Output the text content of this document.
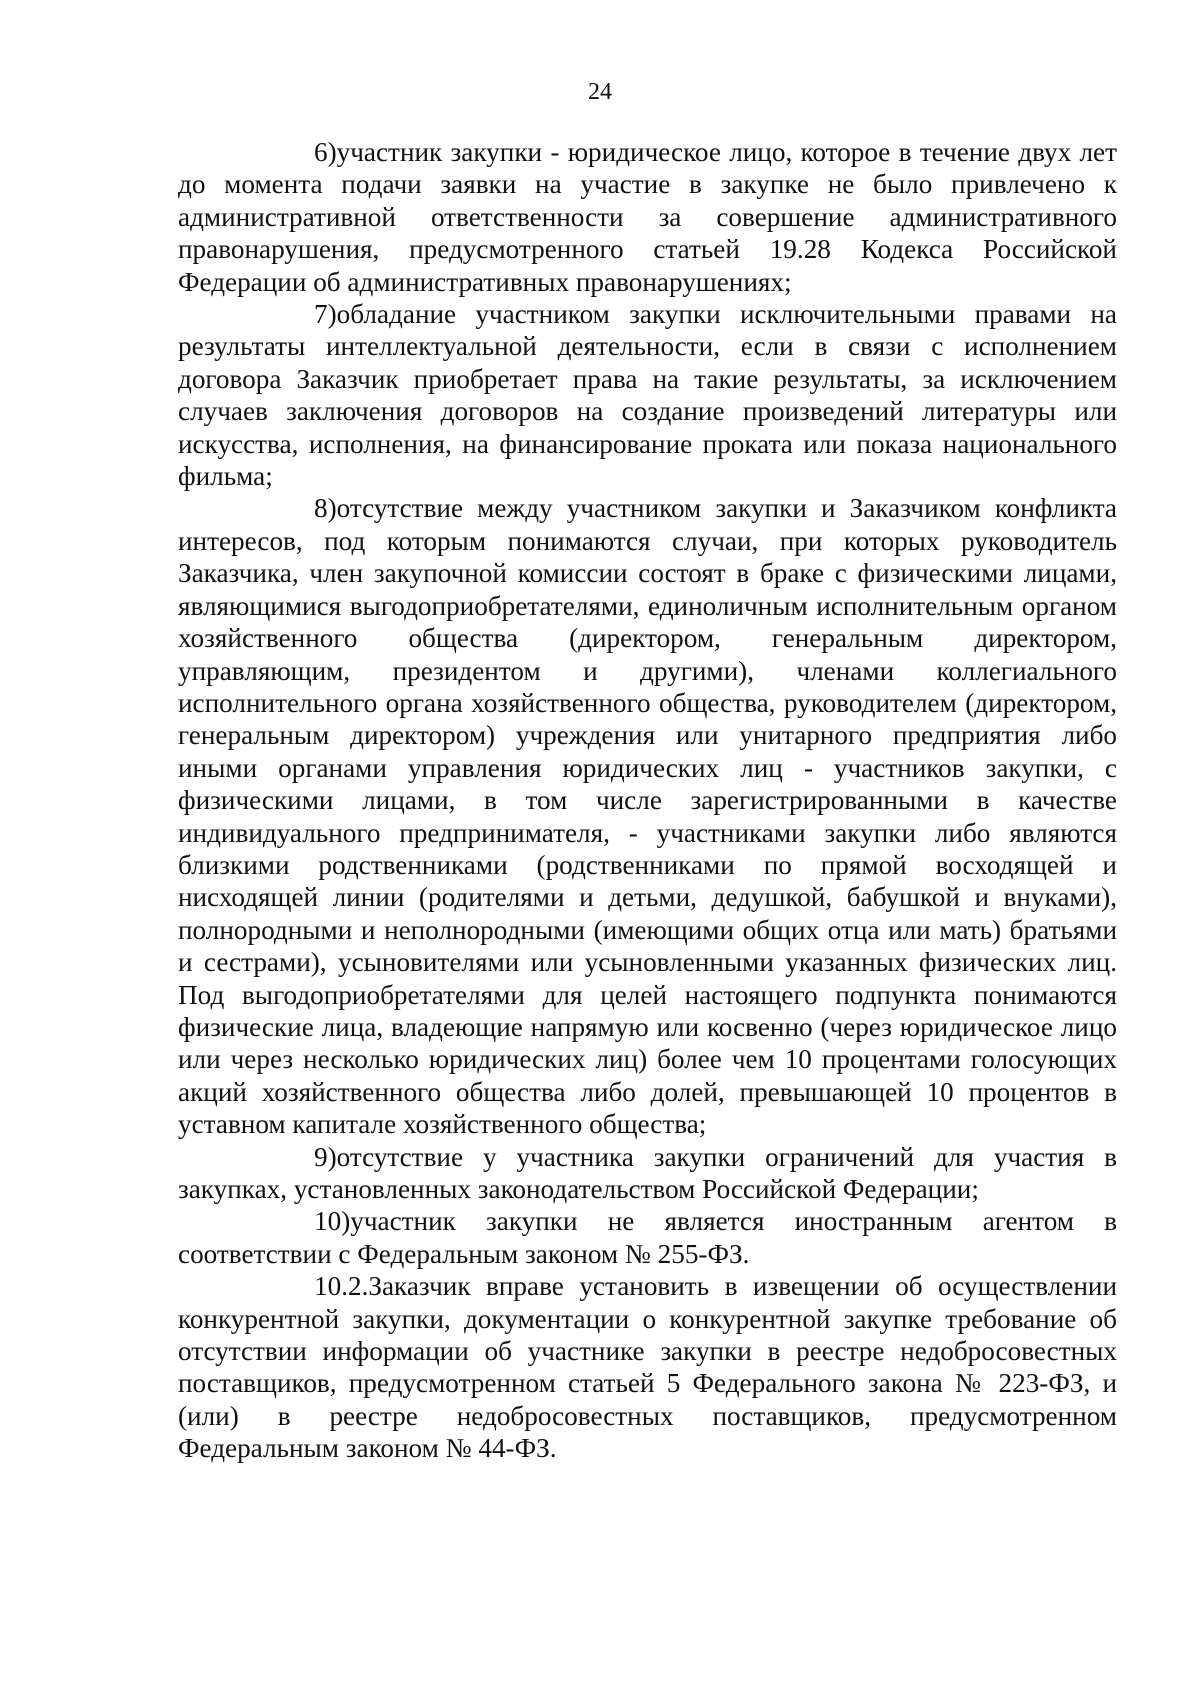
24

6)участник закупки - юридическое лицо, которое в течение двух лет до момента подачи заявки на участие в закупке не было привлечено к административной ответственности за совершение административного правонарушения, предусмотренного статьей 19.28 Кодекса Российской Федерации об административных правонарушениях;

7)обладание участником закупки исключительными правами на результаты интеллектуальной деятельности, если в связи с исполнением договора Заказчик приобретает права на такие результаты, за исключением случаев заключения договоров на создание произведений литературы или искусства, исполнения, на финансирование проката или показа национального фильма;

8)отсутствие между участником закупки и Заказчиком конфликта интересов, под которым понимаются случаи, при которых руководитель Заказчика, член закупочной комиссии состоят в браке с физическими лицами, являющимися выгодоприобретателями, единоличным исполнительным органом хозяйственного общества (директором, генеральным директором, управляющим, президентом и другими), членами коллегиального исполнительного органа хозяйственного общества, руководителем (директором, генеральным директором) учреждения или унитарного предприятия либо иными органами управления юридических лиц - участников закупки, с физическими лицами, в том числе зарегистрированными в качестве индивидуального предпринимателя, - участниками закупки либо являются близкими родственниками (родственниками по прямой восходящей и нисходящей линии (родителями и детьми, дедушкой, бабушкой и внуками), полнородными и неполнородными (имеющими общих отца или мать) братьями и сестрами), усыновителями или усыновленными указанных физических лиц. Под выгодоприобретателями для целей настоящего подпункта понимаются физические лица, владеющие напрямую или косвенно (через юридическое лицо или через несколько юридических лиц) более чем 10 процентами голосующих акций хозяйственного общества либо долей, превышающей 10 процентов в уставном капитале хозяйственного общества;

9)отсутствие у участника закупки ограничений для участия в закупках, установленных законодательством Российской Федерации;

10)участник закупки не является иностранным агентом в соответствии с Федеральным законом № 255-ФЗ.

10.2.Заказчик вправе установить в извещении об осуществлении конкурентной закупки, документации о конкурентной закупке требование об отсутствии информации об участнике закупки в реестре недобросовестных поставщиков, предусмотренном статьей 5 Федерального закона № 223-ФЗ, и (или) в реестре недобросовестных поставщиков, предусмотренном Федеральным законом № 44-ФЗ.
